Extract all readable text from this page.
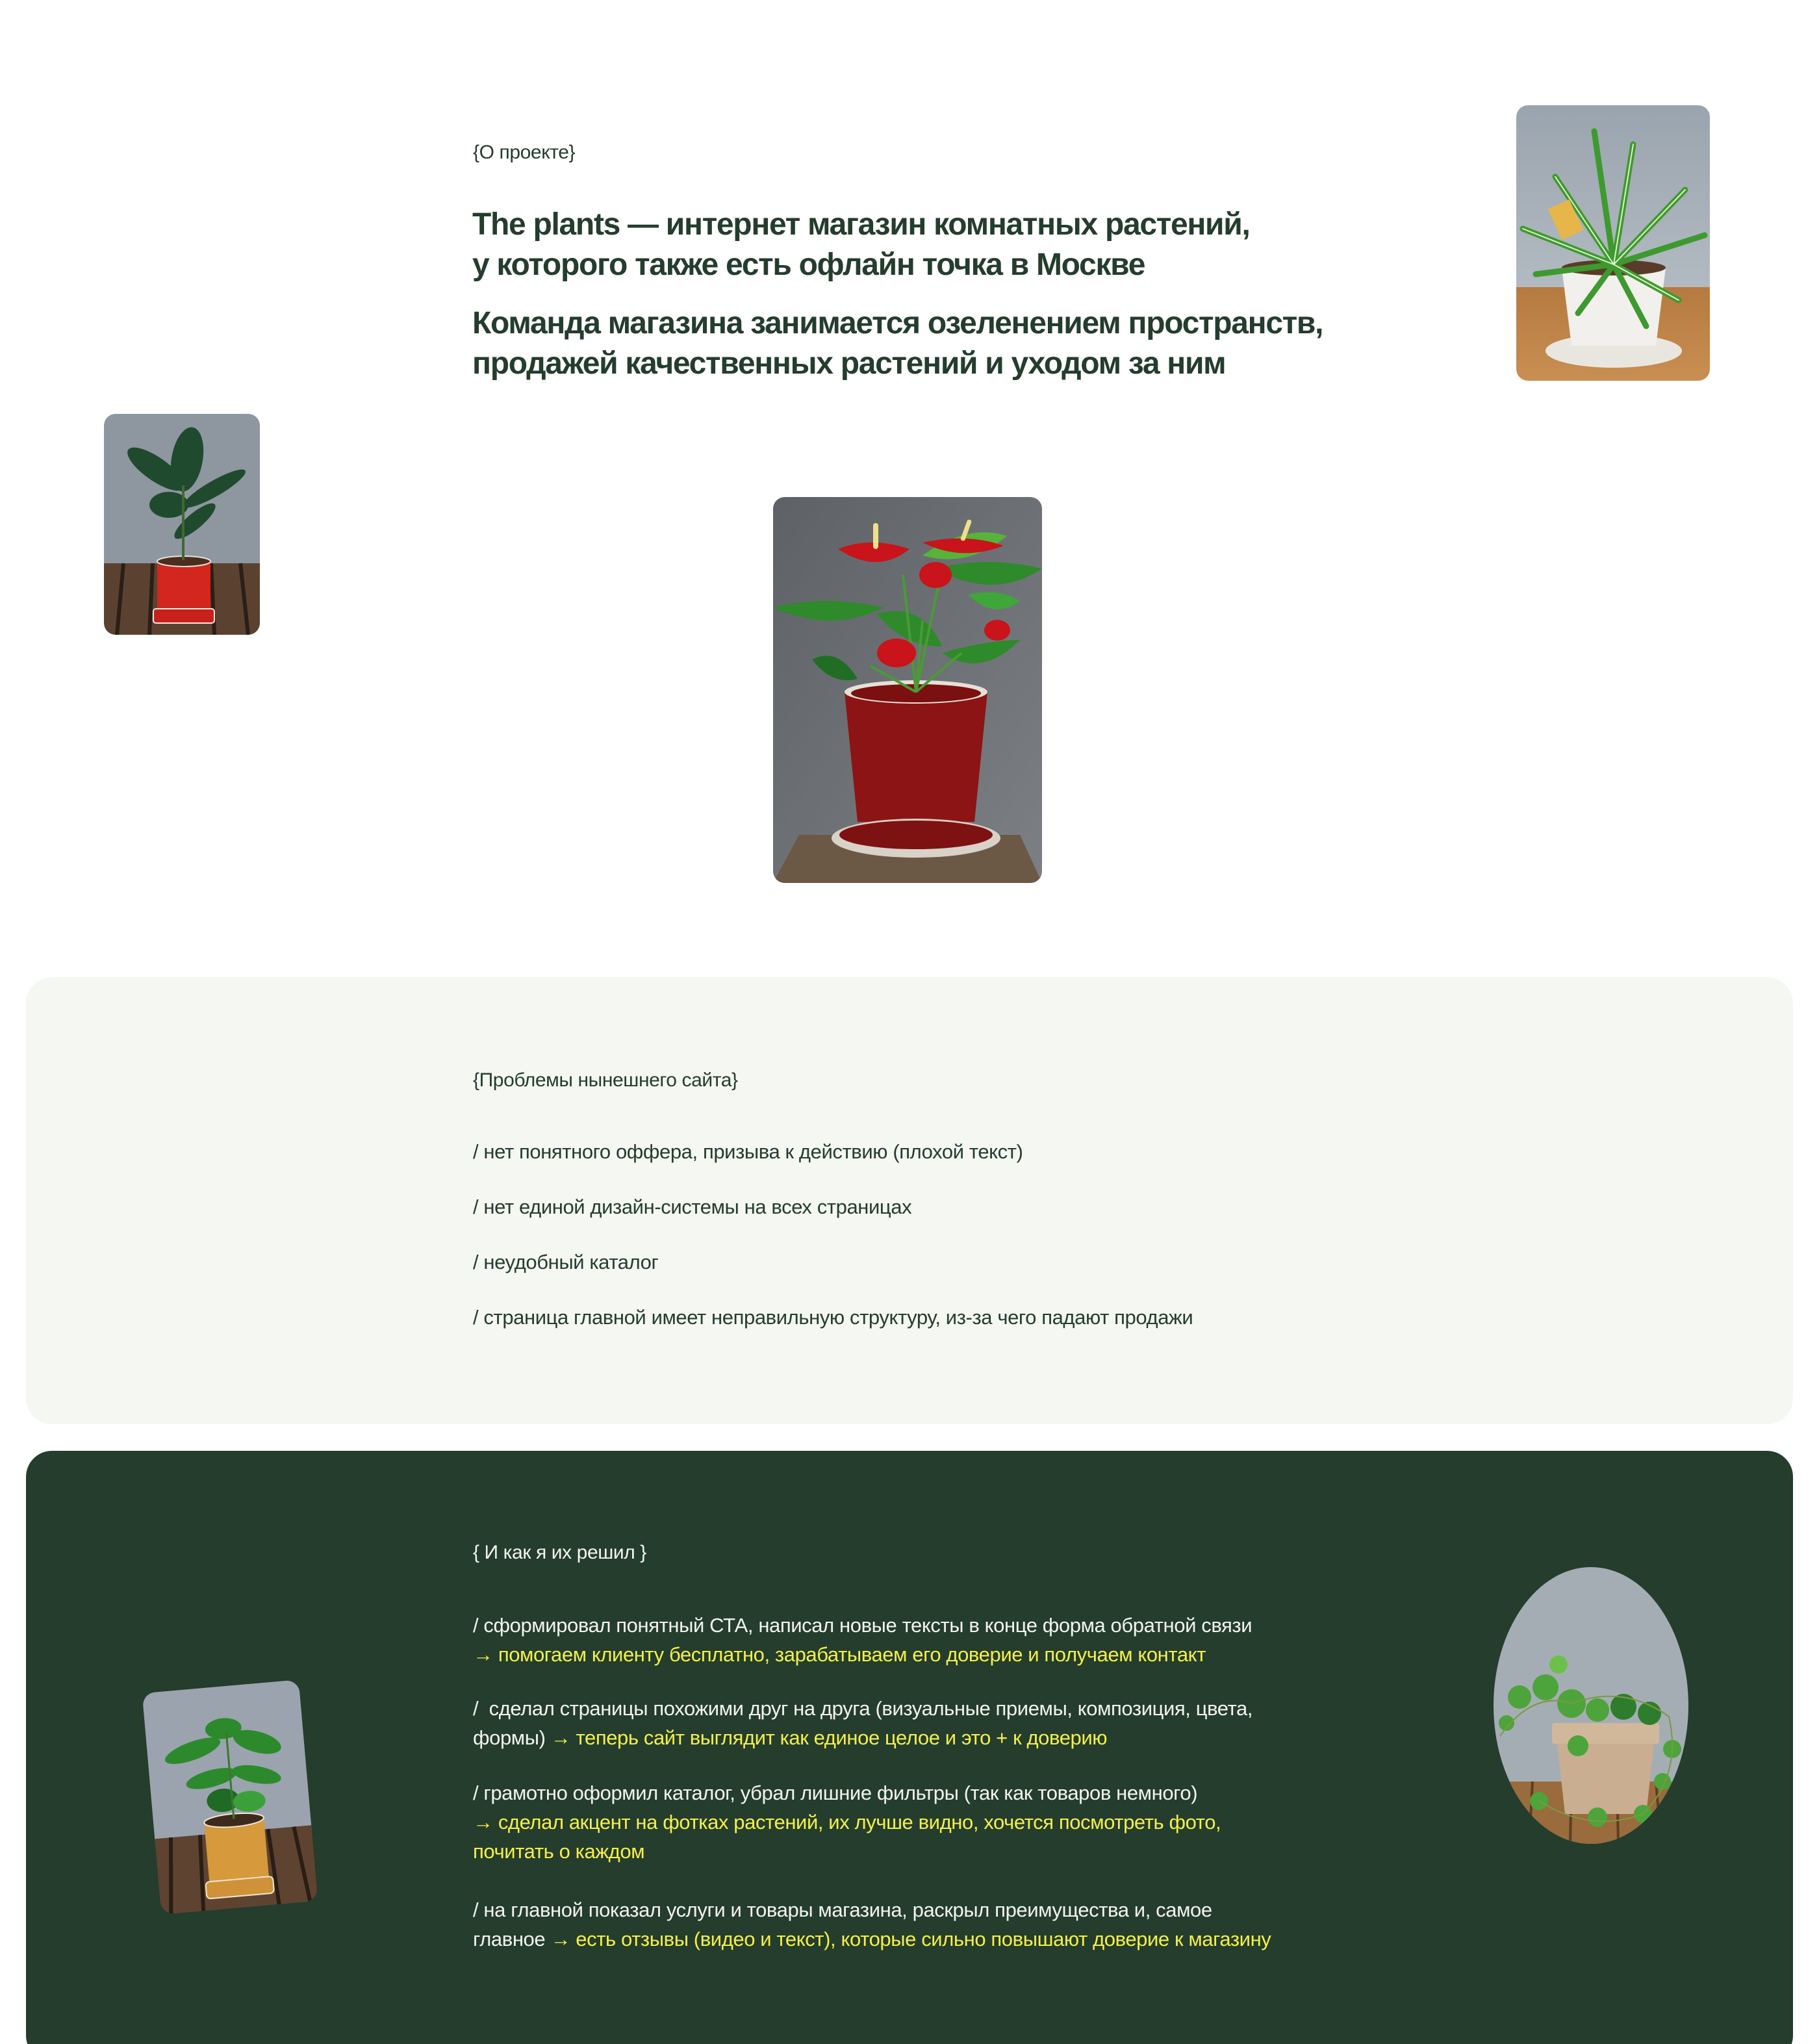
{О проекте}
The plants — интернет магазин комнатных растений,
у которого также есть офлайн точка в Москве
Команда магазина занимается озеленением пространств,
продажей качественных растений и уходом за ним
{Проблемы нынешнего сайта}
/ нет понятного оффера, призыва к действию (плохой текст)
/ нет единой дизайн-системы на всех страницах
/ неудобный каталог
/ страница главной имеет неправильную структуру, из-за чего падают продажи
{ И как я их решил }
/ сформировал понятный СТА, написал новые тексты в конце форма обратной связи
→ помогаем клиенту бесплатно, зарабатываем его доверие и получаем контакт
/  сделал страницы похожими друг на друга (визуальные приемы, композиция, цвета,
формы) → теперь сайт выглядит как единое целое и это + к доверию
/ грамотно оформил каталог, убрал лишние фильтры (так как товаров немного)
→ сделал акцент на фотках растений, их лучше видно, хочется посмотреть фото,
почитать о каждом
/ на главной показал услуги и товары магазина, раскрыл преимущества и, самое
главное → есть отзывы (видео и текст), которые сильно повышают доверие к магазину
